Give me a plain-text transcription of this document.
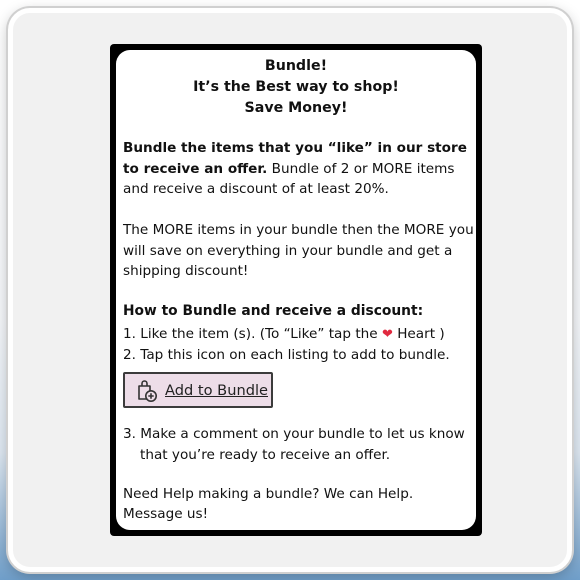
Bundle!
It’s the Best way to shop!
Save Money!
Bundle the items that you “like” in our store to receive an offer. Bundle of 2 or MORE items and receive a discount of at least 20%.
The MORE items in your bundle then the MORE you will save on everything in your bundle and get a shipping discount!
How to Bundle and receive a discount:
1. Like the item (s). (To “Like” tap the ❤ Heart )
2. Tap this icon on each listing to add to bundle.
Add to Bundle
3. Make a comment on your bundle to let us know
that you’re ready to receive an offer.
Need Help making a bundle? We can Help.
Message us!
